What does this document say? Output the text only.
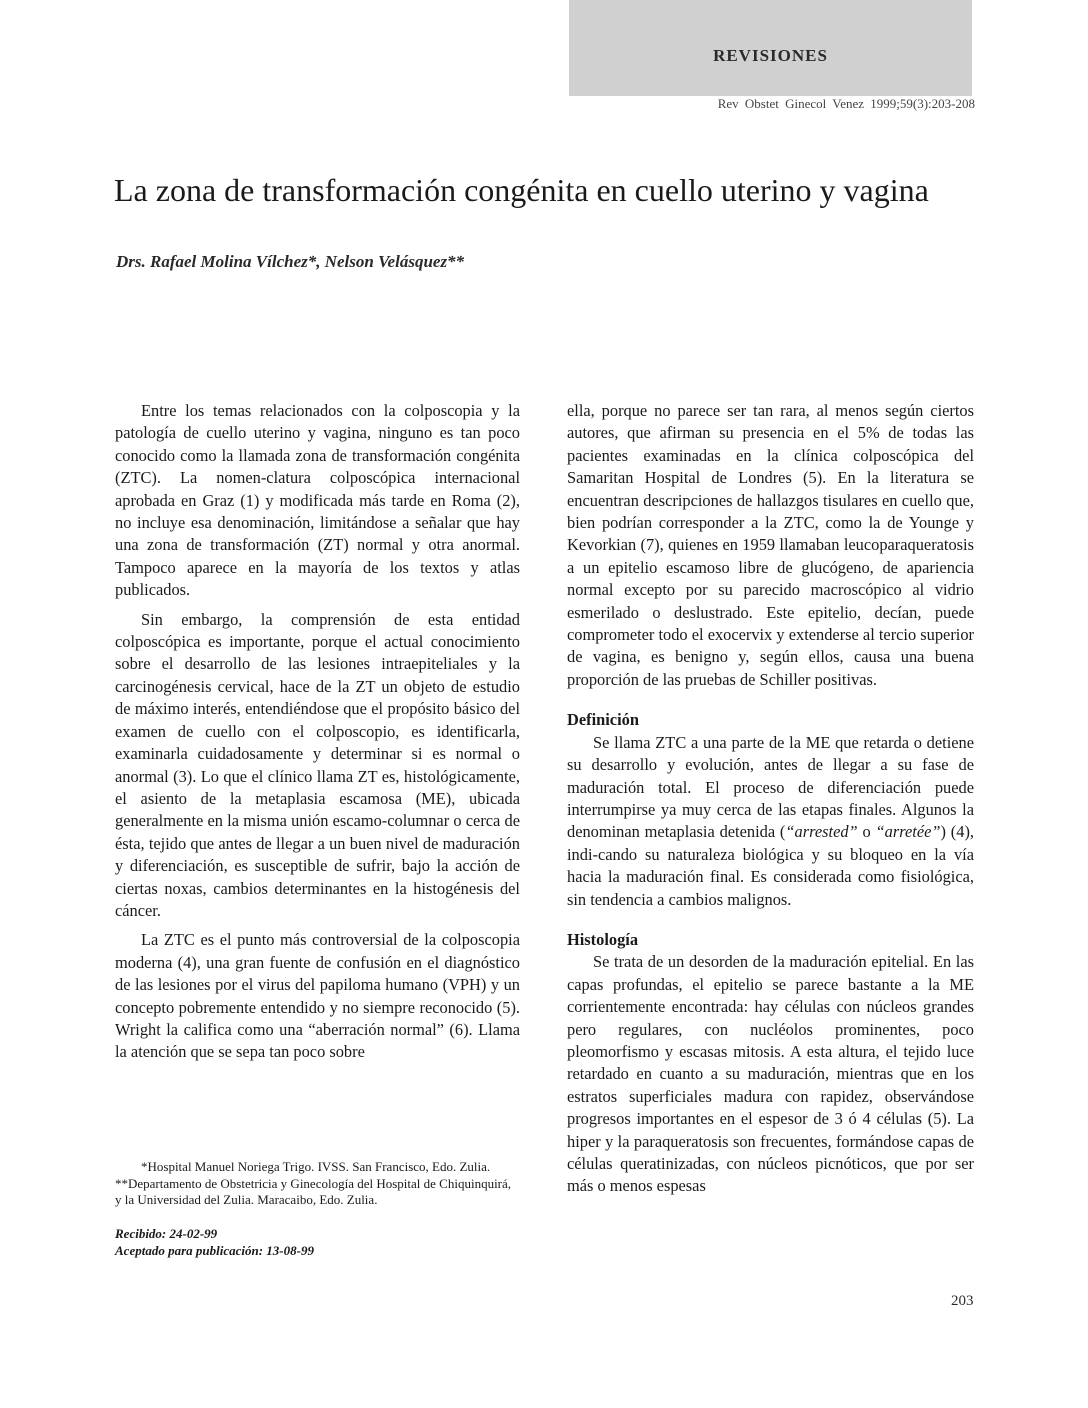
REVISIONES
Rev Obstet Ginecol Venez 1999;59(3):203-208
La zona de transformación congénita en cuello uterino y vagina
Drs. Rafael Molina Vílchez*, Nelson Velásquez**

Entre los temas relacionados con la colposcopia y la patología de cuello uterino y vagina, ninguno es tan poco conocido como la llamada zona de transformación congénita (ZTC). La nomen-clatura colposcópica internacional aprobada en Graz (1) y modificada más tarde en Roma (2), no incluye esa denominación, limitándose a señalar que hay una zona de transformación (ZT) normal y otra anormal. Tampoco aparece en la mayoría de los textos y atlas publicados.

Sin embargo, la comprensión de esta entidad colposcópica es importante, porque el actual conocimiento sobre el desarrollo de las lesiones intraepiteliales y la carcinogénesis cervical, hace de la ZT un objeto de estudio de máximo interés, entendiéndose que el propósito básico del examen de cuello con el colposcopio, es identificarla, examinarla cuidadosamente y determinar si es normal o anormal (3). Lo que el clínico llama ZT es, histológicamente, el asiento de la metaplasia escamosa (ME), ubicada generalmente en la misma unión escamo-columnar o cerca de ésta, tejido que antes de llegar a un buen nivel de maduración y diferenciación, es susceptible de sufrir, bajo la acción de ciertas noxas, cambios determinantes en la histogénesis del cáncer.

La ZTC es el punto más controversial de la colposcopia moderna (4), una gran fuente de confusión en el diagnóstico de las lesiones por el virus del papiloma humano (VPH) y un concepto pobremente entendido y no siempre reconocido (5). Wright la califica como una “aberración normal” (6). Llama la atención que se sepa tan poco sobre

ella, porque no parece ser tan rara, al menos según ciertos autores, que afirman su presencia en el 5% de todas las pacientes examinadas en la clínica colposcópica del Samaritan Hospital de Londres (5). En la literatura se encuentran descripciones de hallazgos tisulares en cuello que, bien podrían corresponder a la ZTC, como la de Younge y Kevorkian (7), quienes en 1959 llamaban leucoparaqueratosis a un epitelio escamoso libre de glucógeno, de apariencia normal excepto por su parecido macroscópico al vidrio esmerilado o deslustrado. Este epitelio, decían, puede comprometer todo el exocervix y extenderse al tercio superior de vagina, es benigno y, según ellos, causa una buena proporción de las pruebas de Schiller positivas.

Definición

Se llama ZTC a una parte de la ME que retarda o detiene su desarrollo y evolución, antes de llegar a su fase de maduración total. El proceso de diferenciación puede interrumpirse ya muy cerca de las etapas finales. Algunos la denominan metaplasia detenida (“arrested” o “arretée”) (4), indi-cando su naturaleza biológica y su bloqueo en la vía hacia la maduración final. Es considerada como fisiológica, sin tendencia a cambios malignos.

Histología

Se trata de un desorden de la maduración epitelial. En las capas profundas, el epitelio se parece bastante a la ME corrientemente encontrada: hay células con núcleos grandes pero regulares, con nucléolos prominentes, poco pleomorfismo y escasas mitosis. A esta altura, el tejido luce retardado en cuanto a su maduración, mientras que en los estratos superficiales madura con rapidez, observándose progresos importantes en el espesor de 3 ó 4 células (5). La hiper y la paraqueratosis son frecuentes, formándose capas de células queratinizadas, con núcleos picnóticos, que por ser más o menos espesas

*Hospital Manuel Noriega Trigo. IVSS. San Francisco, Edo. Zulia.

**Departamento de Obstetricia y Ginecología del Hospital de Chiquinquirá, y la Universidad del Zulia. Maracaibo, Edo. Zulia.

Recibido: 24-02-99

Aceptado para publicación: 13-08-99

203
